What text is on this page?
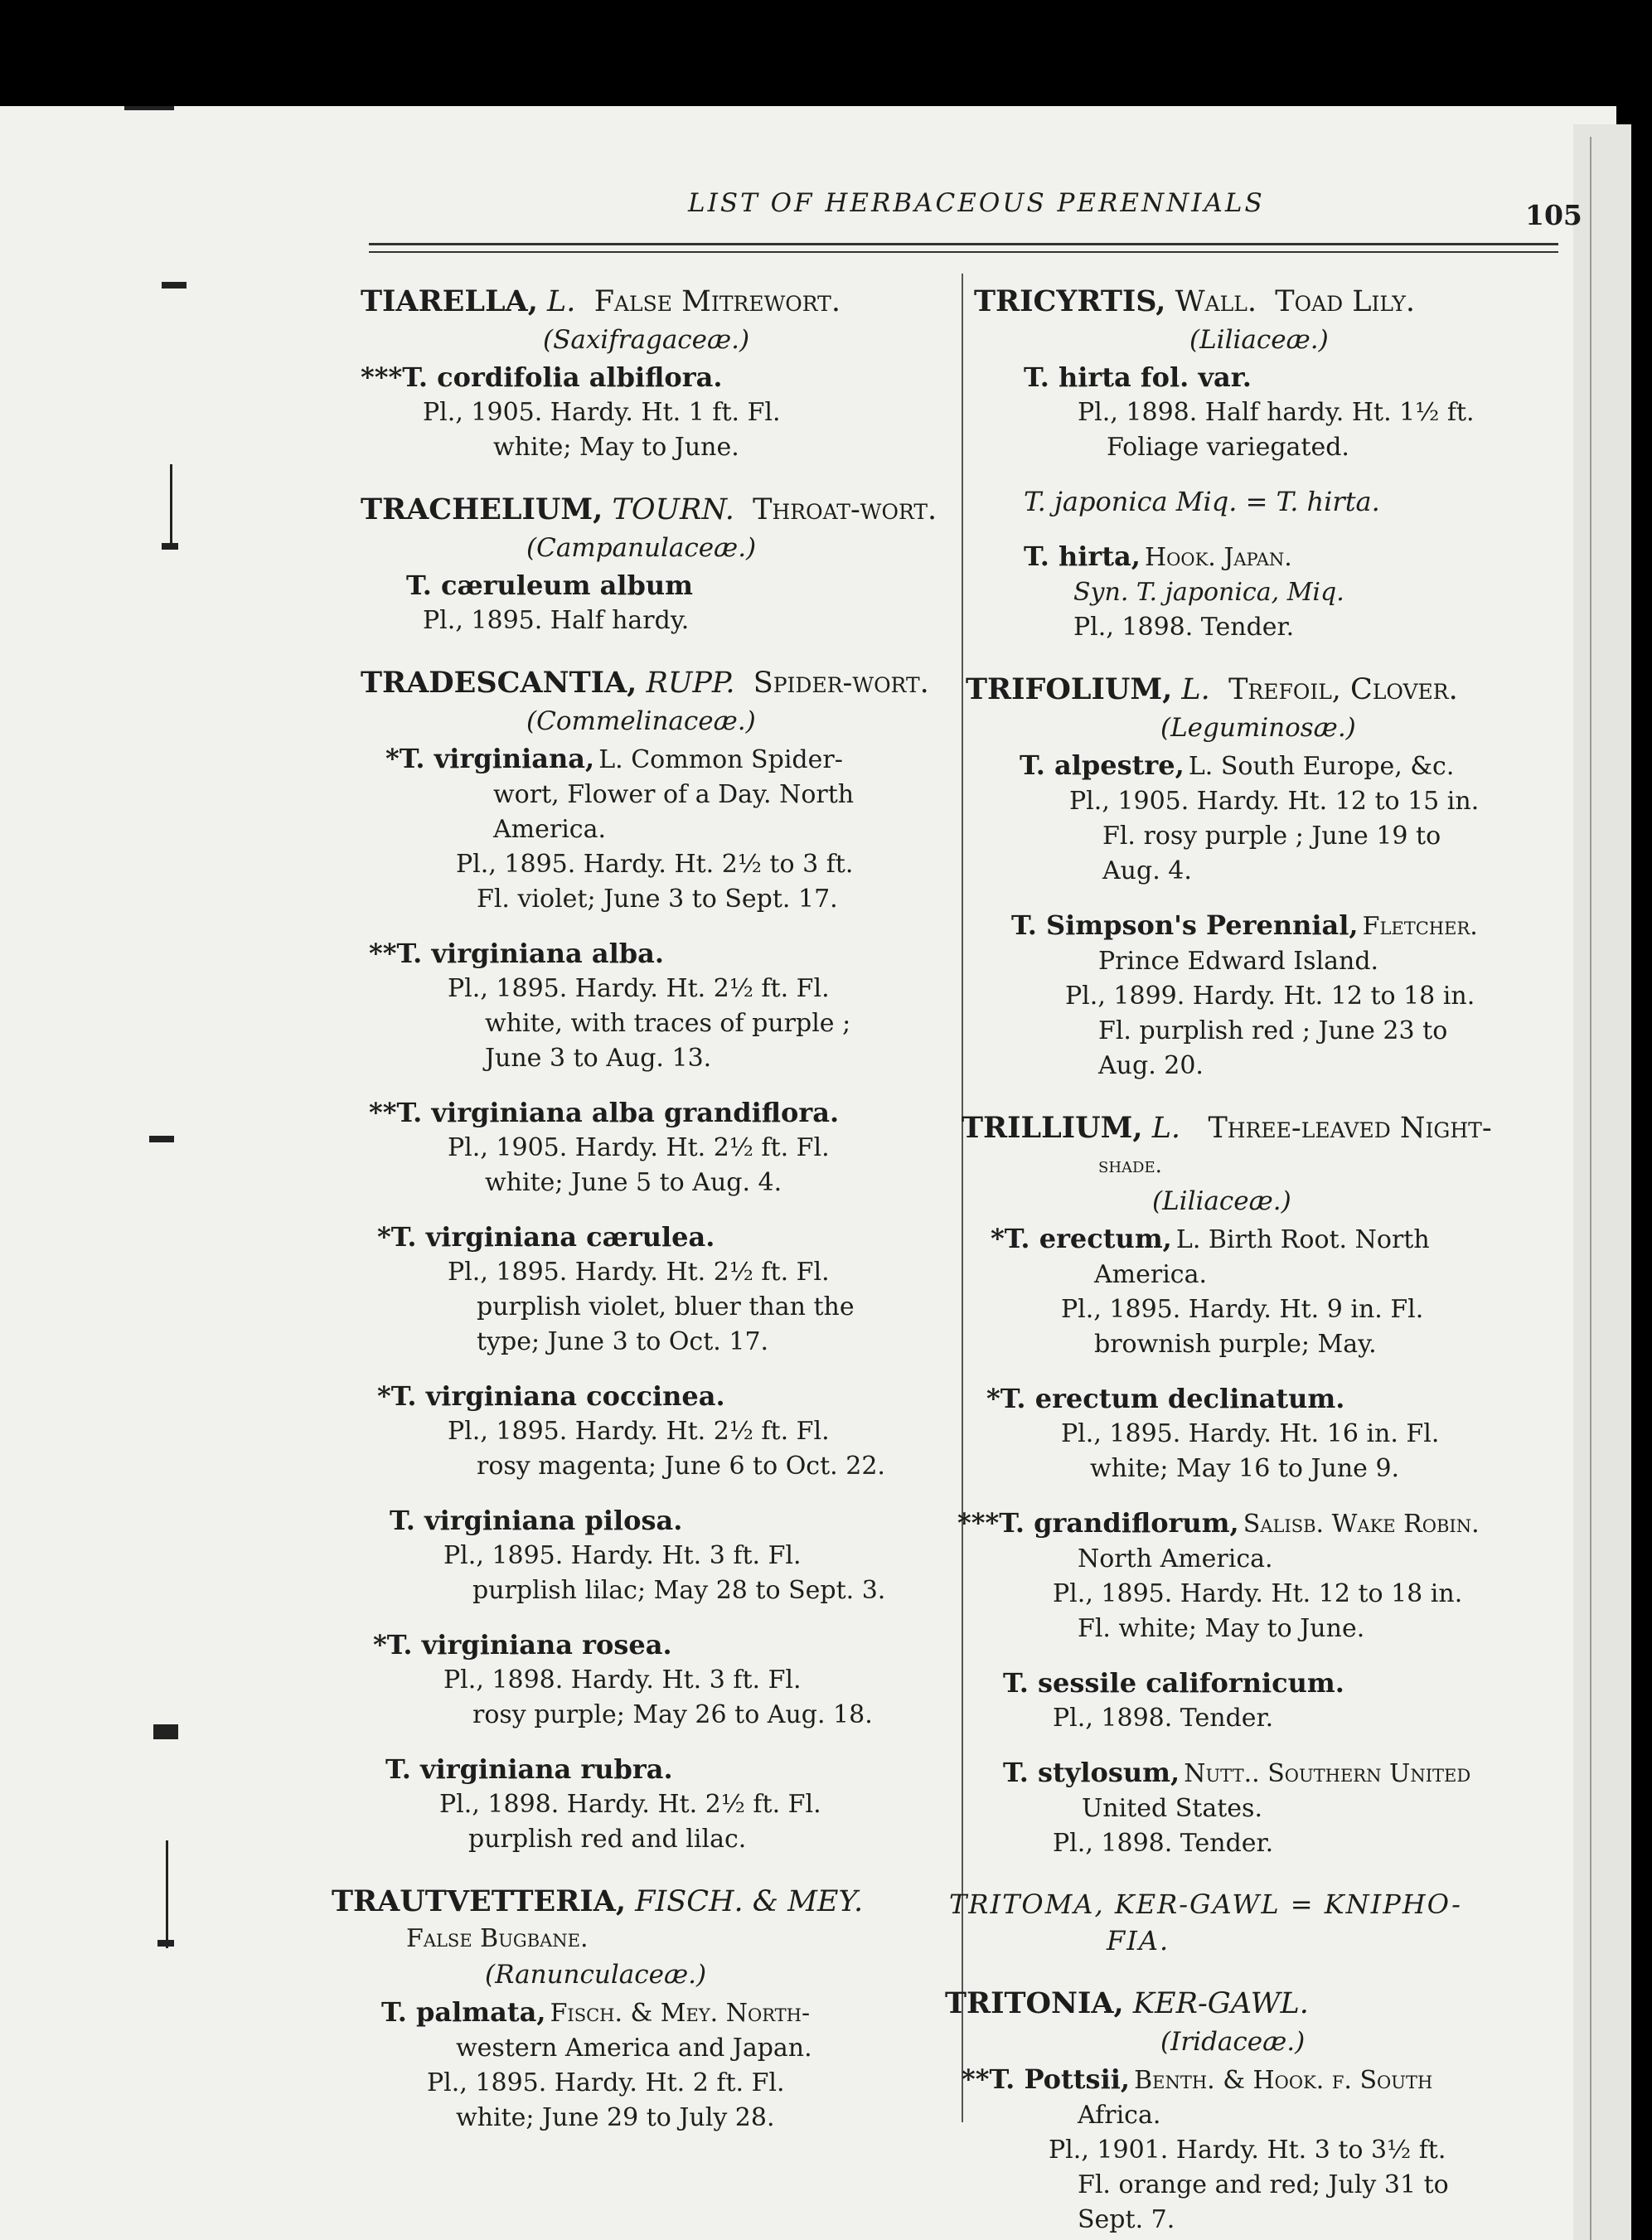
LIST OF HERBACEOUS PERENNIALS	105
TIARELLA, L. False Mitrewort.
(Saxifragaceæ.)
***T. cordifolia albiflora.
Pl., 1905. Hardy. Ht. 1 ft. Fl.
white; May to June.
TRACHELIUM, TOURN. Throat-wort.
(Campanulaceæ.)
T. cæruleum album
Pl., 1895. Half hardy.
TRADESCANTIA, RUPP. Spider-wort.
(Commelinaceæ.)
*T. virginiana, L. Common Spider-
wort, Flower of a Day. North
America.
Pl., 1895. Hardy. Ht. 2½ to 3 ft.
Fl. violet; June 3 to Sept. 17.
**T. virginiana alba.
Pl., 1895. Hardy. Ht. 2½ ft. Fl.
white, with traces of purple ;
June 3 to Aug. 13.
**T. virginiana alba grandiflora.
Pl., 1905. Hardy. Ht. 2½ ft. Fl.
white; June 5 to Aug. 4.
*T. virginiana cærulea.
Pl., 1895. Hardy. Ht. 2½ ft. Fl.
purplish violet, bluer than the
type; June 3 to Oct. 17.
*T. virginiana coccinea.
Pl., 1895. Hardy. Ht. 2½ ft. Fl.
rosy magenta; June 6 to Oct. 22.
T. virginiana pilosa.
Pl., 1895. Hardy. Ht. 3 ft. Fl.
purplish lilac; May 28 to Sept. 3.
*T. virginiana rosea.
Pl., 1898. Hardy. Ht. 3 ft. Fl.
rosy purple; May 26 to Aug. 18.
T. virginiana rubra.
Pl., 1898. Hardy. Ht. 2½ ft. Fl.
purplish red and lilac.
TRAUTVETTERIA, FISCH. & MEY.
False Bugbane.
(Ranunculaceæ.)
T. palmata, Fisch. & Mey. North-
western America and Japan.
Pl., 1895. Hardy. Ht. 2 ft. Fl.
white; June 29 to July 28.
TRICYRTIS, Wall. Toad Lily.
(Liliaceæ.)
T. hirta fol. var.
Pl., 1898. Half hardy. Ht. 1½ ft.
Foliage variegated.
T. japonica Miq. = T. hirta.
T. hirta, Hook. Japan.
Syn. T. japonica, Miq.
Pl., 1898. Tender.
TRIFOLIUM, L. Trefoil, Clover.
(Leguminosæ.)
T. alpestre, L. South Europe, &c.
Pl., 1905. Hardy. Ht. 12 to 15 in.
Fl. rosy purple ; June 19 to
Aug. 4.
T. Simpson's Perennial, Fletcher.
Prince Edward Island.
Pl., 1899. Hardy. Ht. 12 to 18 in.
Fl. purplish red ; June 23 to
Aug. 20.
TRILLIUM, L. Three-leaved Night-
shade.
(Liliaceæ.)
*T. erectum, L. Birth Root. North
America.
Pl., 1895. Hardy. Ht. 9 in. Fl.
brownish purple; May.
*T. erectum declinatum.
Pl., 1895. Hardy. Ht. 16 in. Fl.
white; May 16 to June 9.
***T. grandiflorum, Salisb. Wake Robin.
North America.
Pl., 1895. Hardy. Ht. 12 to 18 in.
Fl. white; May to June.
T. sessile californicum.
Pl., 1898. Tender.
T. stylosum, Nutt.. Southern United
United States.
Pl., 1898. Tender.
TRITOMA, KER-GAWL = KNIPHO-
FIA.
TRITONIA, KER-GAWL.
(Iridaceæ.)
**T. Pottsii, Benth. & Hook. f. South
Africa.
Pl., 1901. Hardy. Ht. 3 to 3½ ft.
Fl. orange and red; July 31 to
Sept. 7.
